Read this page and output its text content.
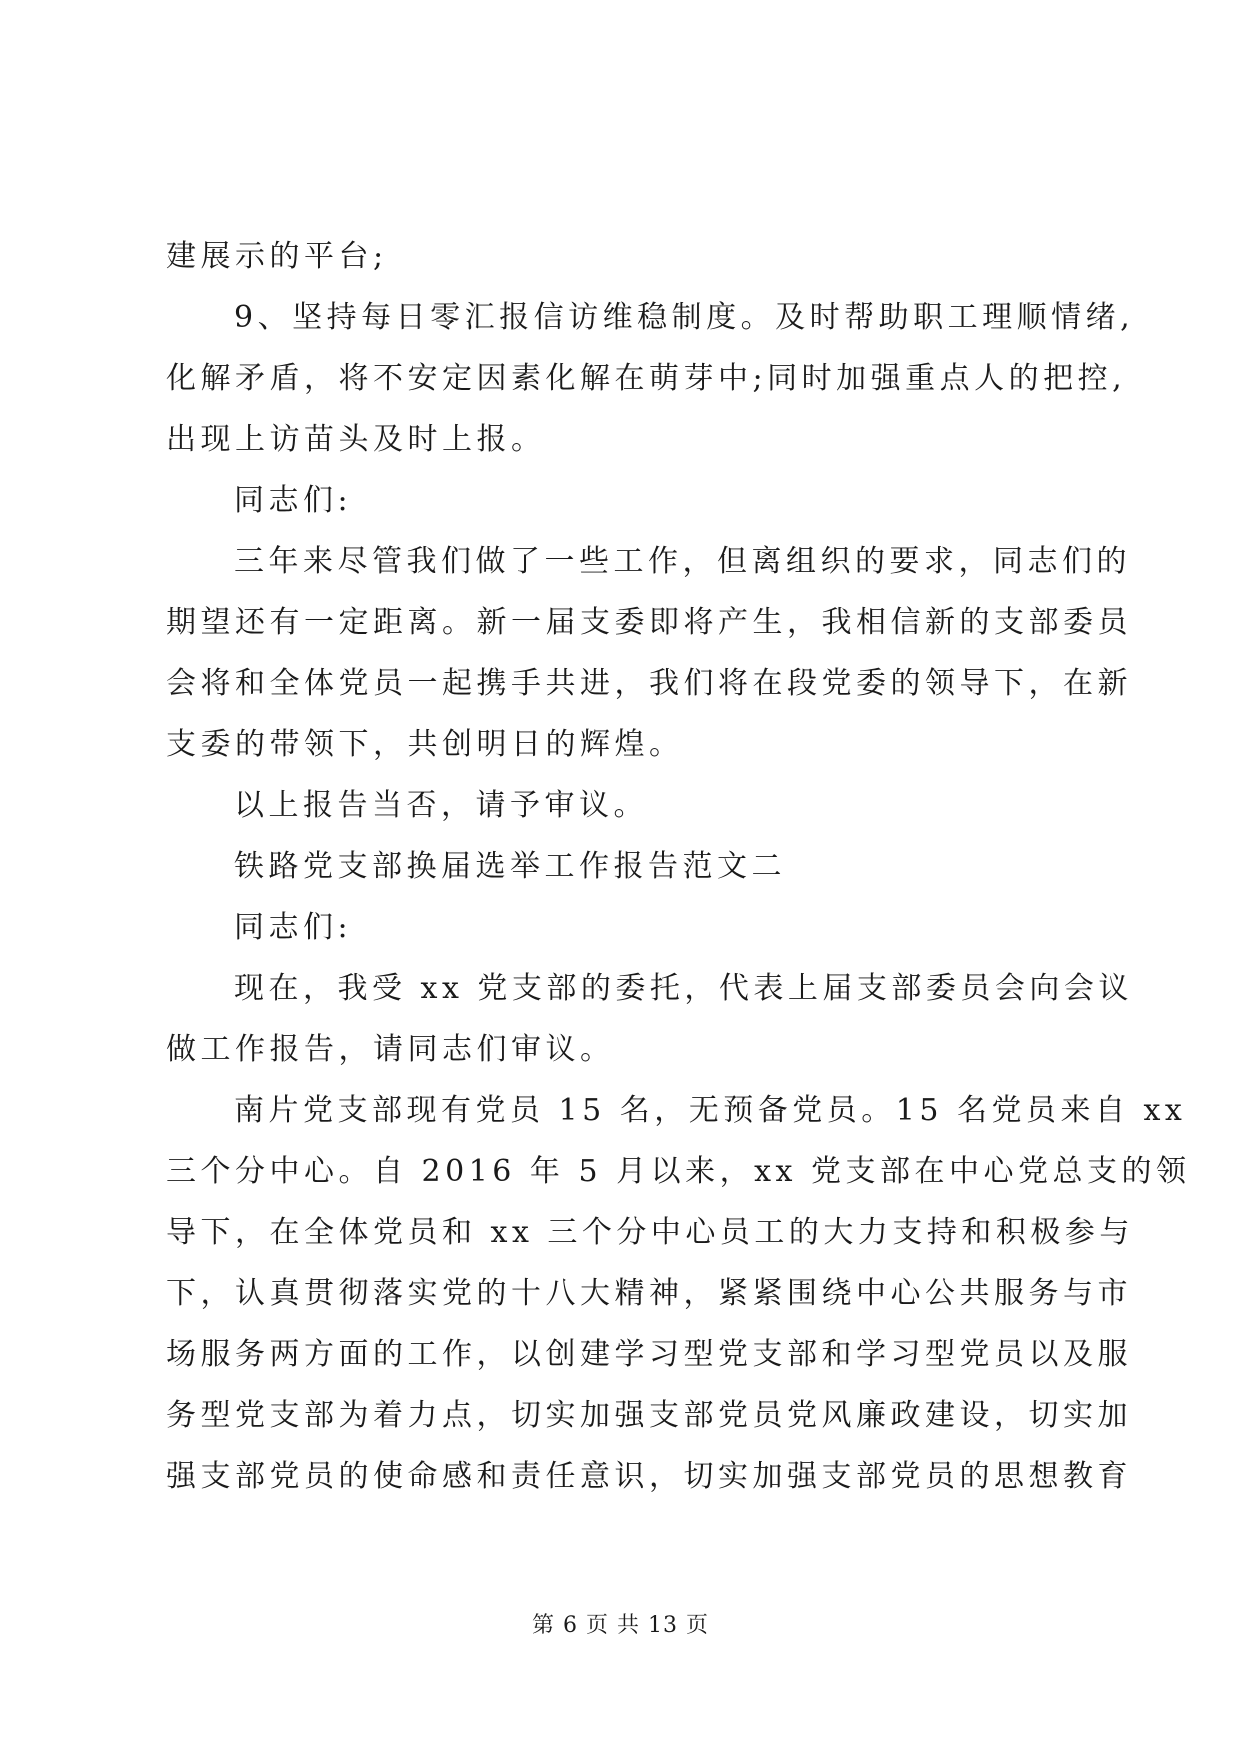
建展示的平台;

9、坚持每日零汇报信访维稳制度。及时帮助职工理顺情绪,
化解矛盾，将不安定因素化解在萌芽中;同时加强重点人的把控,
出现上访苗头及时上报。

同志们:

三年来尽管我们做了一些工作，但离组织的要求，同志们的
期望还有一定距离。新一届支委即将产生，我相信新的支部委员
会将和全体党员一起携手共进，我们将在段党委的领导下，在新
支委的带领下，共创明日的辉煌。

以上报告当否，请予审议。

铁路党支部换届选举工作报告范文二

同志们:

现在，我受 xx 党支部的委托，代表上届支部委员会向会议
做工作报告，请同志们审议。

南片党支部现有党员 15 名，无预备党员。15 名党员来自 xx
三个分中心。自 2016 年 5 月以来，xx 党支部在中心党总支的领
导下，在全体党员和 xx 三个分中心员工的大力支持和积极参与
下，认真贯彻落实党的十八大精神，紧紧围绕中心公共服务与市
场服务两方面的工作，以创建学习型党支部和学习型党员以及服
务型党支部为着力点，切实加强支部党员党风廉政建设，切实加
强支部党员的使命感和责任意识，切实加强支部党员的思想教育

第 6 页 共 13 页
